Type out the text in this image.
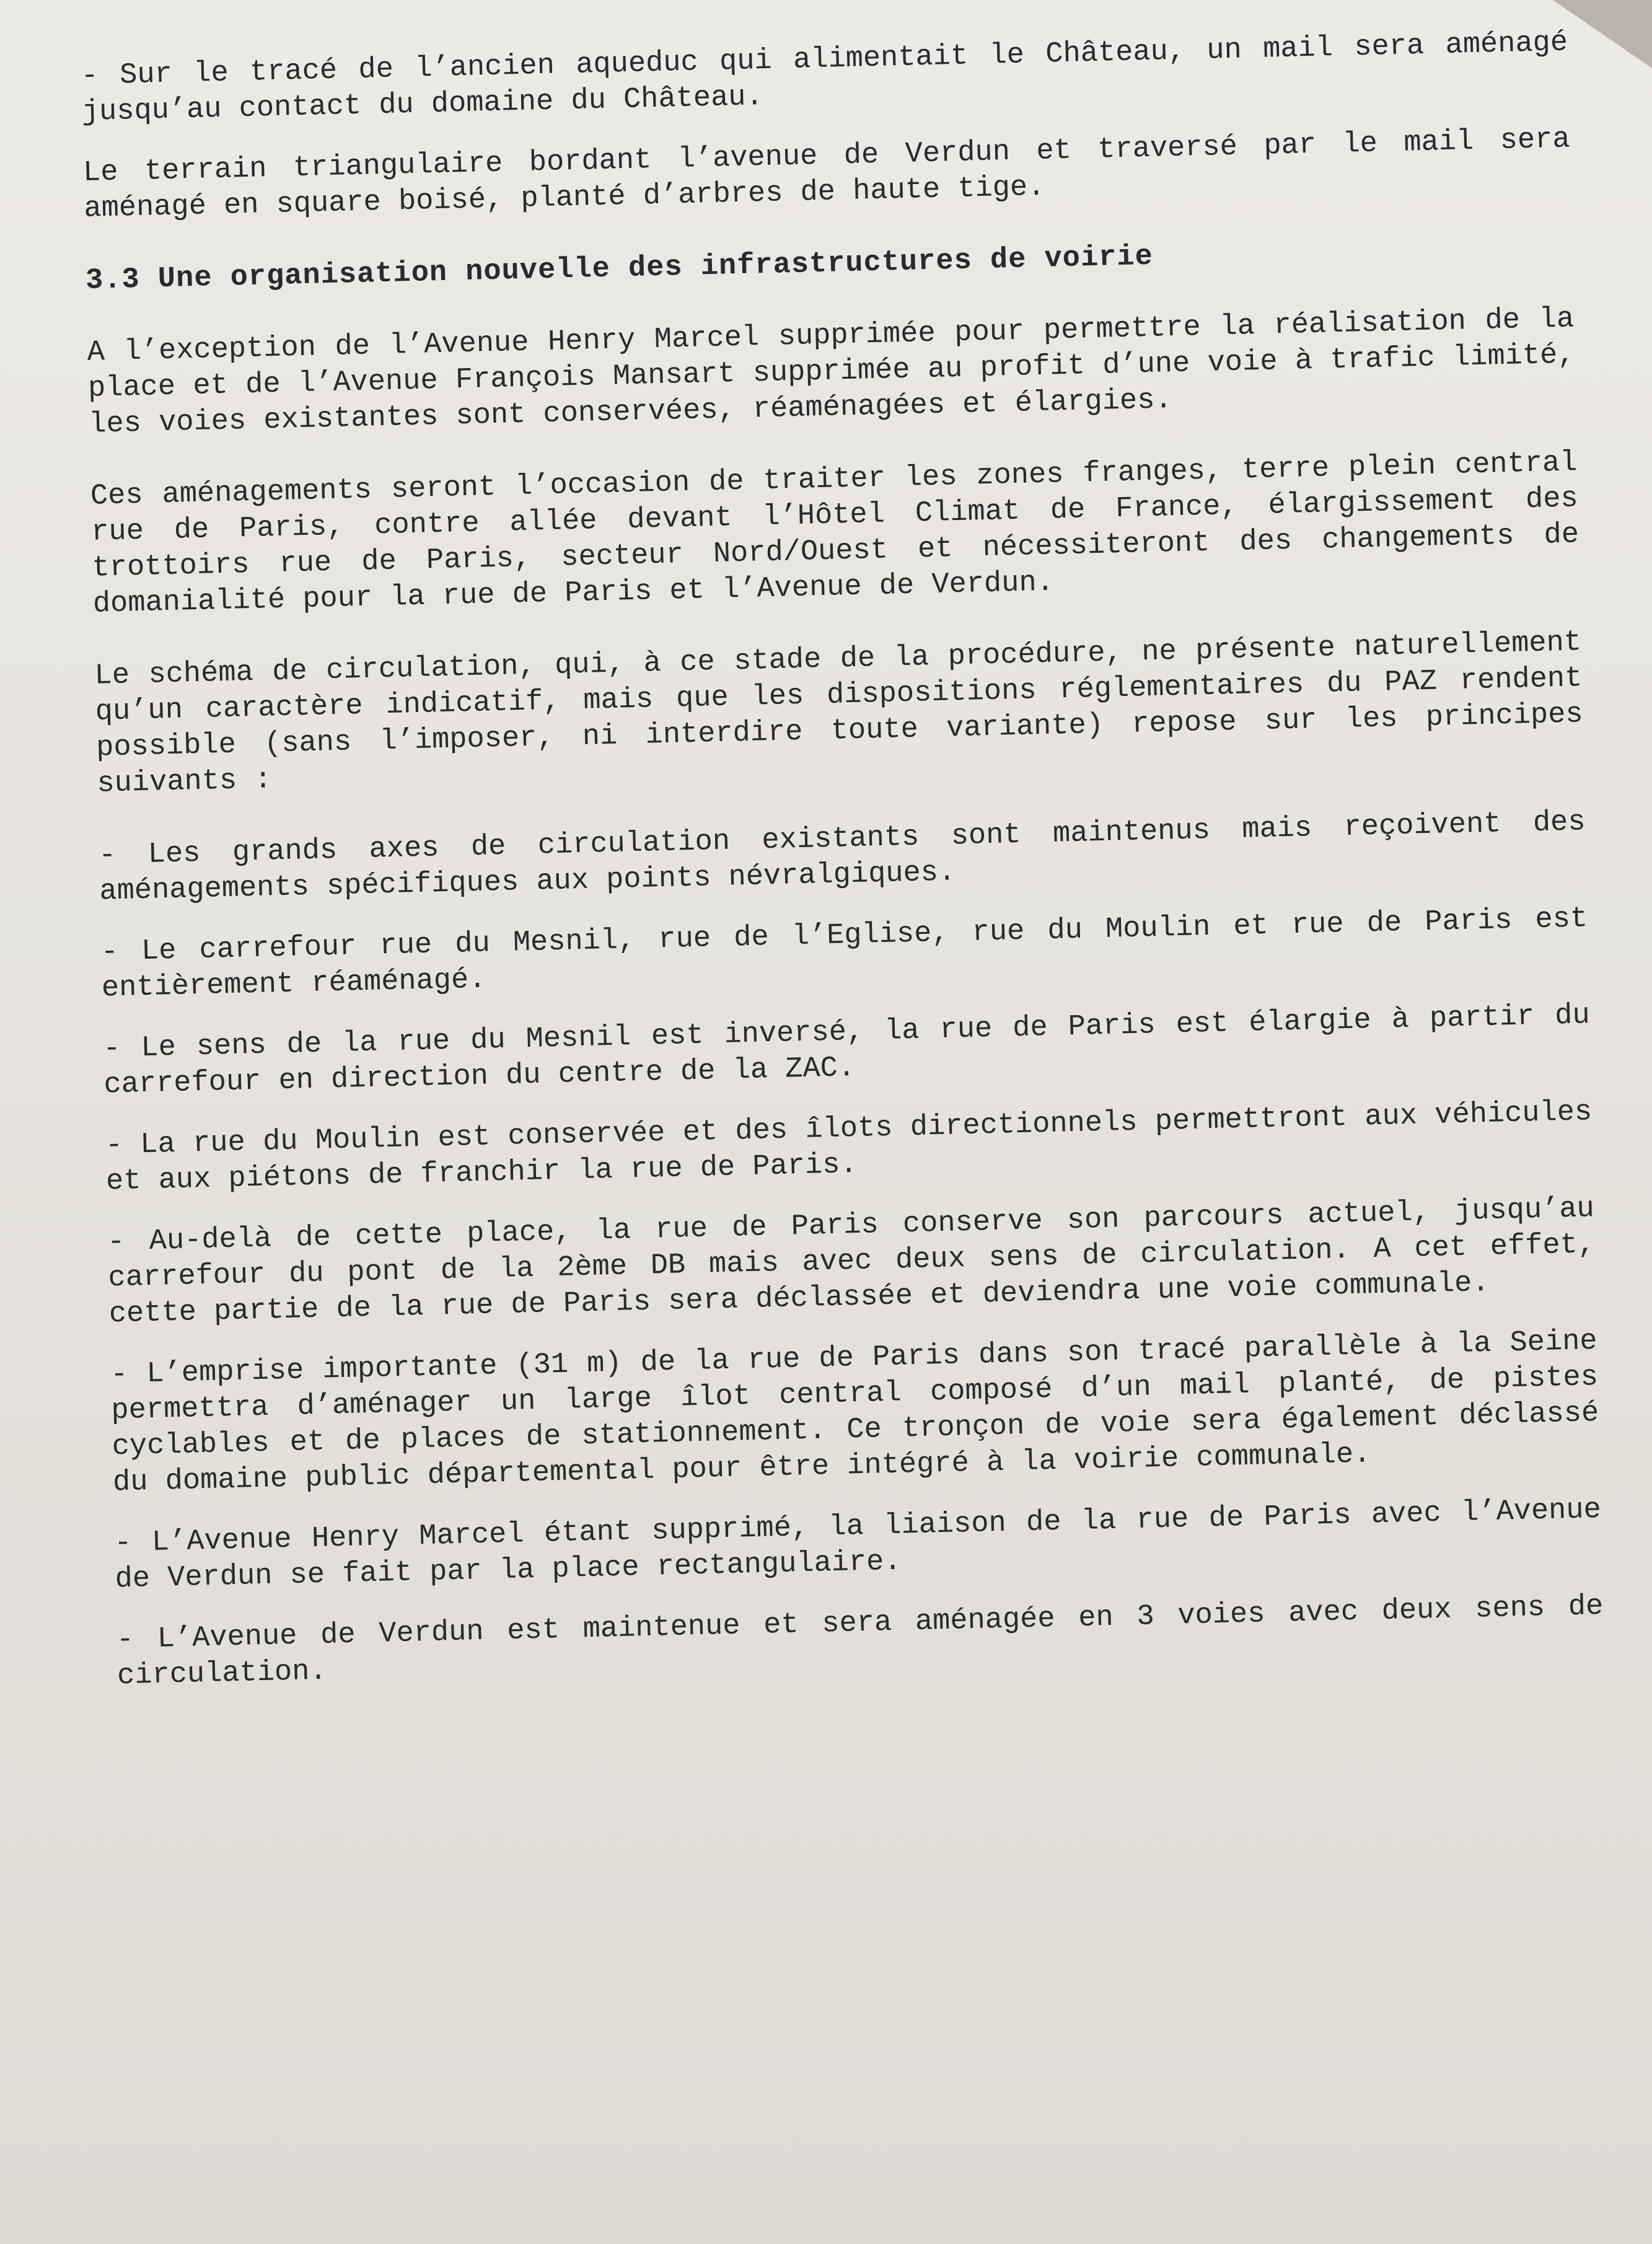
- Sur le tracé de l’ancien aqueduc qui alimentait le Château, un mail sera aménagé jusqu’au contact du domaine du Château.

Le terrain triangulaire bordant l’avenue de Verdun et traversé par le mail sera aménagé en square boisé, planté d’arbres de haute tige.

3.3 Une organisation nouvelle des infrastructures de voirie

A l’exception de l’Avenue Henry Marcel supprimée pour permettre la réalisation de la place et de l’Avenue François Mansart supprimée au profit d’une voie à trafic limité, les voies existantes sont conservées, réaménagées et élargies.

Ces aménagements seront l’occasion de traiter les zones franges, terre plein central rue de Paris, contre allée devant l’Hôtel Climat de France, élargissement des trottoirs rue de Paris, secteur Nord/Ouest et nécessiteront des changements de domanialité pour la rue de Paris et l’Avenue de Verdun.

Le schéma de circulation, qui, à ce stade de la procédure, ne présente naturellement qu’un caractère indicatif, mais que les dispositions réglementaires du PAZ rendent possible (sans l’imposer, ni interdire toute variante) repose sur les principes suivants :

- Les grands axes de circulation existants sont maintenus mais reçoivent des aménagements spécifiques aux points névralgiques.

- Le carrefour rue du Mesnil, rue de l’Eglise, rue du Moulin et rue de Paris est entièrement réaménagé.

- Le sens de la rue du Mesnil est inversé, la rue de Paris est élargie à partir du carrefour en direction du centre de la ZAC.

- La rue du Moulin est conservée et des îlots directionnels permettront aux véhicules et aux piétons de franchir la rue de Paris.

- Au-delà de cette place, la rue de Paris conserve son parcours actuel, jusqu’au carrefour du pont de la 2ème DB mais avec deux sens de circulation. A cet effet, cette partie de la rue de Paris sera déclassée et deviendra une voie communale.

- L’emprise importante (31 m) de la rue de Paris dans son tracé parallèle à la Seine permettra d’aménager un large îlot central composé d’un mail planté, de pistes cyclables et de places de stationnement. Ce tronçon de voie sera également déclassé du domaine public départemental pour être intégré à la voirie communale.

- L’Avenue Henry Marcel étant supprimé, la liaison de la rue de Paris avec l’Avenue de Verdun se fait par la place rectangulaire.

- L’Avenue de Verdun est maintenue et sera aménagée en 3 voies avec deux sens de circulation.
